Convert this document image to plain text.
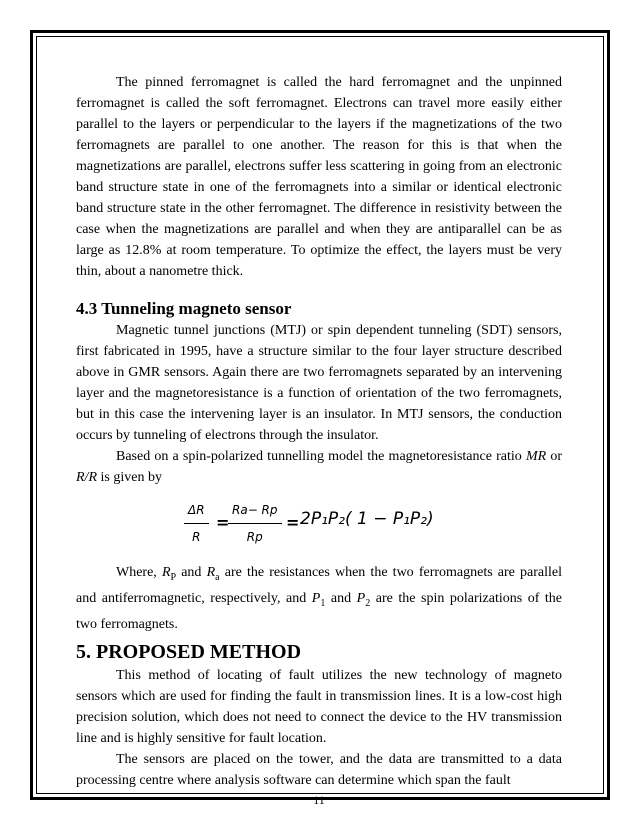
The pinned ferromagnet is called the hard ferromagnet and the unpinned ferromagnet is called the soft ferromagnet. Electrons can travel more easily either parallel to the layers or perpendicular to the layers if the magnetizations of the two ferromagnets are parallel to one another. The reason for this is that when the magnetizations are parallel, electrons suffer less scattering in going from an electronic band structure state in one of the ferromagnets into a similar or identical electronic band structure state in the other ferromagnet. The difference in resistivity between the case when the magnetizations are parallel and when they are antiparallel can be as large as 12.8% at room temperature. To optimize the effect, the layers must be very thin, about a nanometre thick.

4.3 Tunneling magneto sensor

Magnetic tunnel junctions (MTJ) or spin dependent tunneling (SDT) sensors, first fabricated in 1995, have a structure similar to the four layer structure described above in GMR sensors. Again there are two ferromagnets separated by an intervening layer and the magnetoresistance is a function of orientation of the two ferromagnets, but in this case the intervening layer is an insulator. In MTJ sensors, the conduction occurs by tunneling of electrons through the insulator.

Based on a spin-polarized tunnelling model the magnetoresistance ratio MR or R/R is given by

$\frac{\Delta R}{R}$ =
$\frac{Ra- Rp}{Rp} = 2P_1P_2$( 1 − P₁P₂)

Where, $R_P$ and $R_a$ are the resistances when the two ferromagnets are parallel and antiferromagnetic, respectively, and $P_1$ and $P_2$ are the spin polarizations of the two ferromagnets.

5. PROPOSED METHOD

This method of locating of fault utilizes the new technology of magneto sensors which are used for finding the fault in transmission lines. It is a low-cost high precision solution, which does not need to connect the device to the HV transmission line and is highly sensitive for fault location.

The sensors are placed on the tower, and the data are transmitted to a data processing centre where analysis software can determine which span the fault

11
